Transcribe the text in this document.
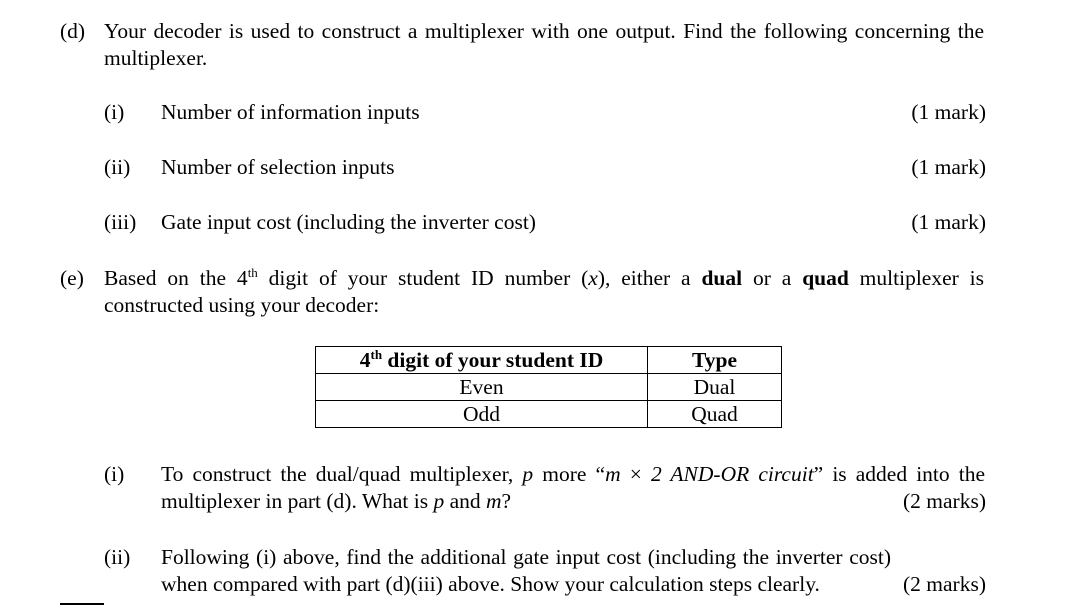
(d) Your decoder is used to construct a multiplexer with one output. Find the following concerning the multiplexer.
(i) Number of information inputs	(1 mark)
(ii) Number of selection inputs	(1 mark)
(iii) Gate input cost (including the inverter cost)	(1 mark)
(e) Based on the 4th digit of your student ID number (x), either a dual or a quad multiplexer is constructed using your decoder:
4th digit of your student ID	Type
Even	Dual
Odd	Quad
(i) To construct the dual/quad multiplexer, p more “m × 2 AND-OR circuit” is added into the multiplexer in part (d). What is p and m?	(2 marks)
(ii) Following (i) above, find the additional gate input cost (including the inverter cost) when compared with part (d)(iii) above. Show your calculation steps clearly.	(2 marks)
